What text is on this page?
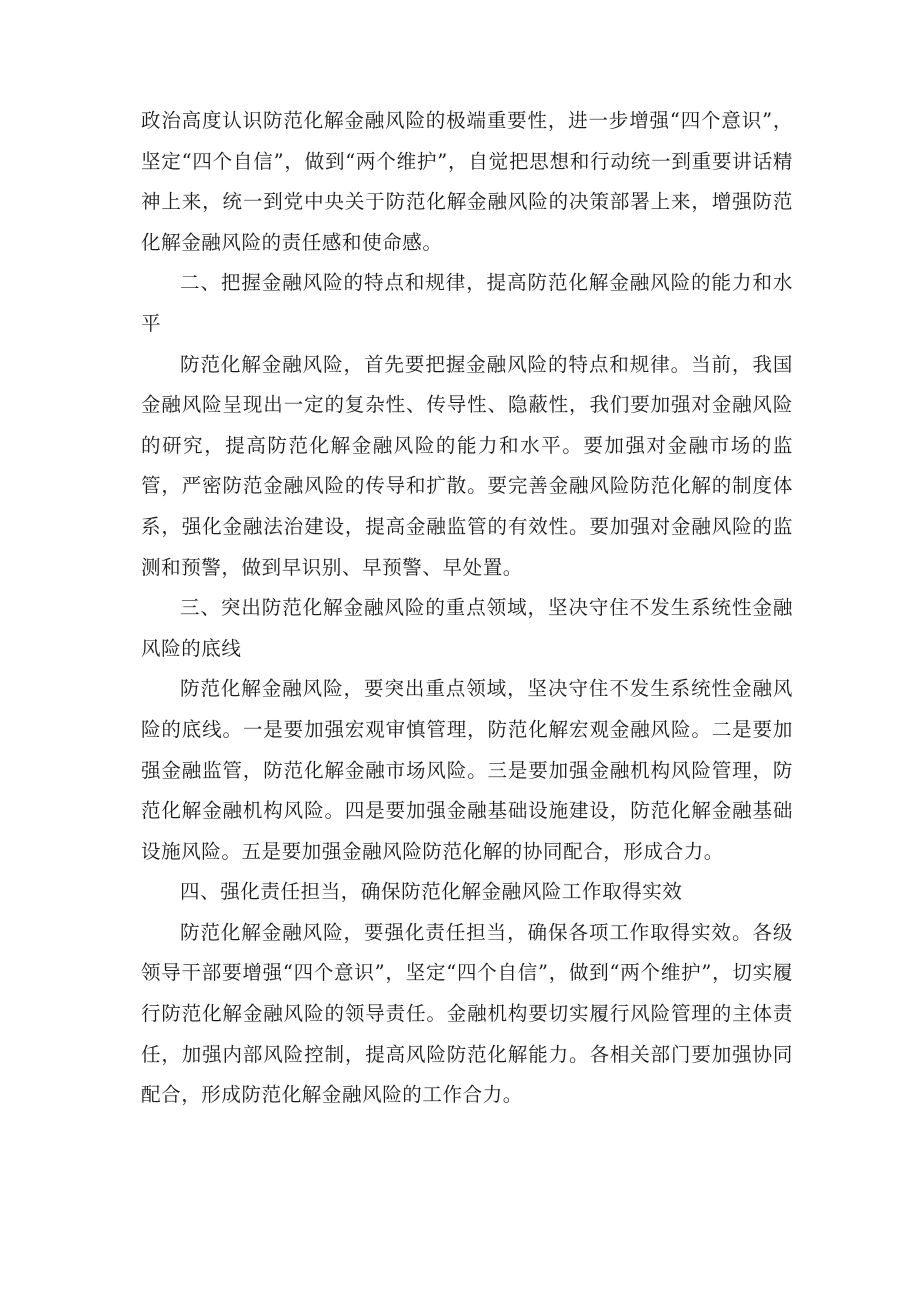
政治高度认识防范化解金融风险的极端重要性，进一步增强“四个意识”，坚定“四个自信”，做到“两个维护”，自觉把思想和行动统一到重要讲话精神上来，统一到党中央关于防范化解金融风险的决策部署上来，增强防范化解金融风险的责任感和使命感。

二、把握金融风险的特点和规律，提高防范化解金融风险的能力和水平

防范化解金融风险，首先要把握金融风险的特点和规律。当前，我国金融风险呈现出一定的复杂性、传导性、隐蔽性，我们要加强对金融风险的研究，提高防范化解金融风险的能力和水平。要加强对金融市场的监管，严密防范金融风险的传导和扩散。要完善金融风险防范化解的制度体系，强化金融法治建设，提高金融监管的有效性。要加强对金融风险的监测和预警，做到早识别、早预警、早处置。

三、突出防范化解金融风险的重点领域，坚决守住不发生系统性金融风险的底线

防范化解金融风险，要突出重点领域，坚决守住不发生系统性金融风险的底线。一是要加强宏观审慎管理，防范化解宏观金融风险。二是要加强金融监管，防范化解金融市场风险。三是要加强金融机构风险管理，防范化解金融机构风险。四是要加强金融基础设施建设，防范化解金融基础设施风险。五是要加强金融风险防范化解的协同配合，形成合力。

四、强化责任担当，确保防范化解金融风险工作取得实效

防范化解金融风险，要强化责任担当，确保各项工作取得实效。各级领导干部要增强“四个意识”，坚定“四个自信”，做到“两个维护”，切实履行防范化解金融风险的领导责任。金融机构要切实履行风险管理的主体责任，加强内部风险控制，提高风险防范化解能力。各相关部门要加强协同配合，形成防范化解金融风险的工作合力。
